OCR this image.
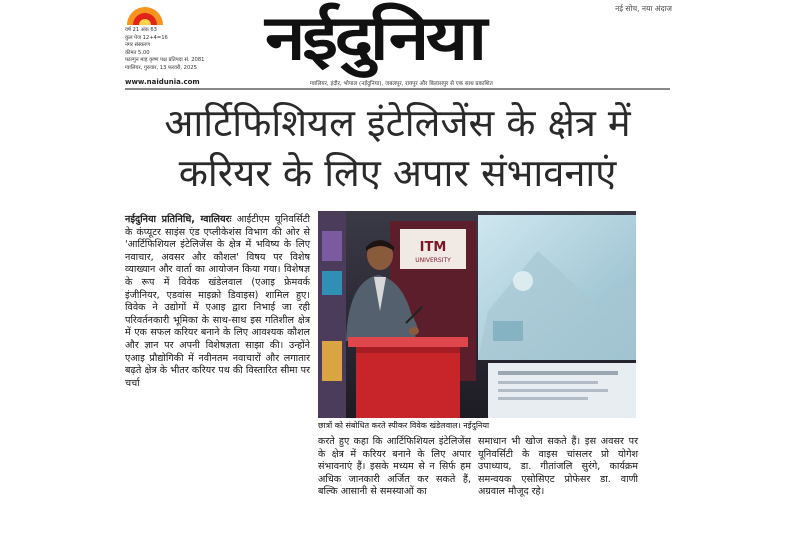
वर्ष 21 अंक 63
कुल पेज 12+4=16
नगर संस्करण
कीमत 5.00
फाल्गुन माह कृष्ण पक्ष प्रतिपदा सं. 2081
ग्वालियर, गुरुवार, 13 फरवरी, 2025	नईदुनिया	नई सोच, नया अंदाज
www.naidunia.com	ग्वालियर, इंदौर, भोपाल (नईदुनिया), जबलपुर, रायपुर और बिलासपुर से एक साथ प्रकाशित
आर्टिफिशियल इंटेलिजेंस के क्षेत्र में
करियर के लिए अपार संभावनाएं
नईदुनिया प्रतिनिधि, ग्वालियरः आईटीएम यूनिवर्सिटी के कंप्यूटर साइंस एंड एप्लीकेशंस विभाग की ओर से 'आर्टिफिशियल इंटेलिजेंस के क्षेत्र में भविष्य के लिए नवाचार, अवसर और कौशल' विषय पर विशेष व्याख्यान और वार्ता का आयोजन किया गया। विशेषज्ञ के रूप में विवेक खंडेलवाल (एआइ फ्रेमवर्क इंजीनियर, एडवांस माइक्रो डिवाइस) शामिल हुए। विवेक ने उद्योगों में एआइ द्वारा निभाई जा रही परिवर्तनकारी भूमिका के साथ-साथ इस गतिशील क्षेत्र में एक सफल करियर बनाने के लिए आवश्यक कौशल और ज्ञान पर अपनी विशेषज्ञता साझा की। उन्होंने एआइ प्रौद्योगिकी में नवीनतम नवाचारों और लगातार बढ़ते क्षेत्र के भीतर करियर पथ की विस्तारित सीमा पर चर्चा
ITM
UNIVERSITY
छात्रों को संबोधित करते स्पीकर विवेक खंडेलवाल। नईदुनिया
करते हुए कहा कि आर्टिफिशियल इंटेलिजेंस के क्षेत्र में करियर बनाने के लिए अपार संभावनाएं हैं। इसके मध्यम से न सिर्फ हम अधिक जानकारी अर्जित कर सकते हैं, बल्कि आसानी से समस्याओं का
समाधान भी खोज सकते हैं। इस अवसर पर यूनिवर्सिटी के वाइस चांसलर प्रो योगेश उपाध्याय, डा. गीतांजलि सुरंगे, कार्यक्रम समन्वयक एसोसिएट प्रोफेसर डा. वाणी अग्रवाल मौजूद रहे।
